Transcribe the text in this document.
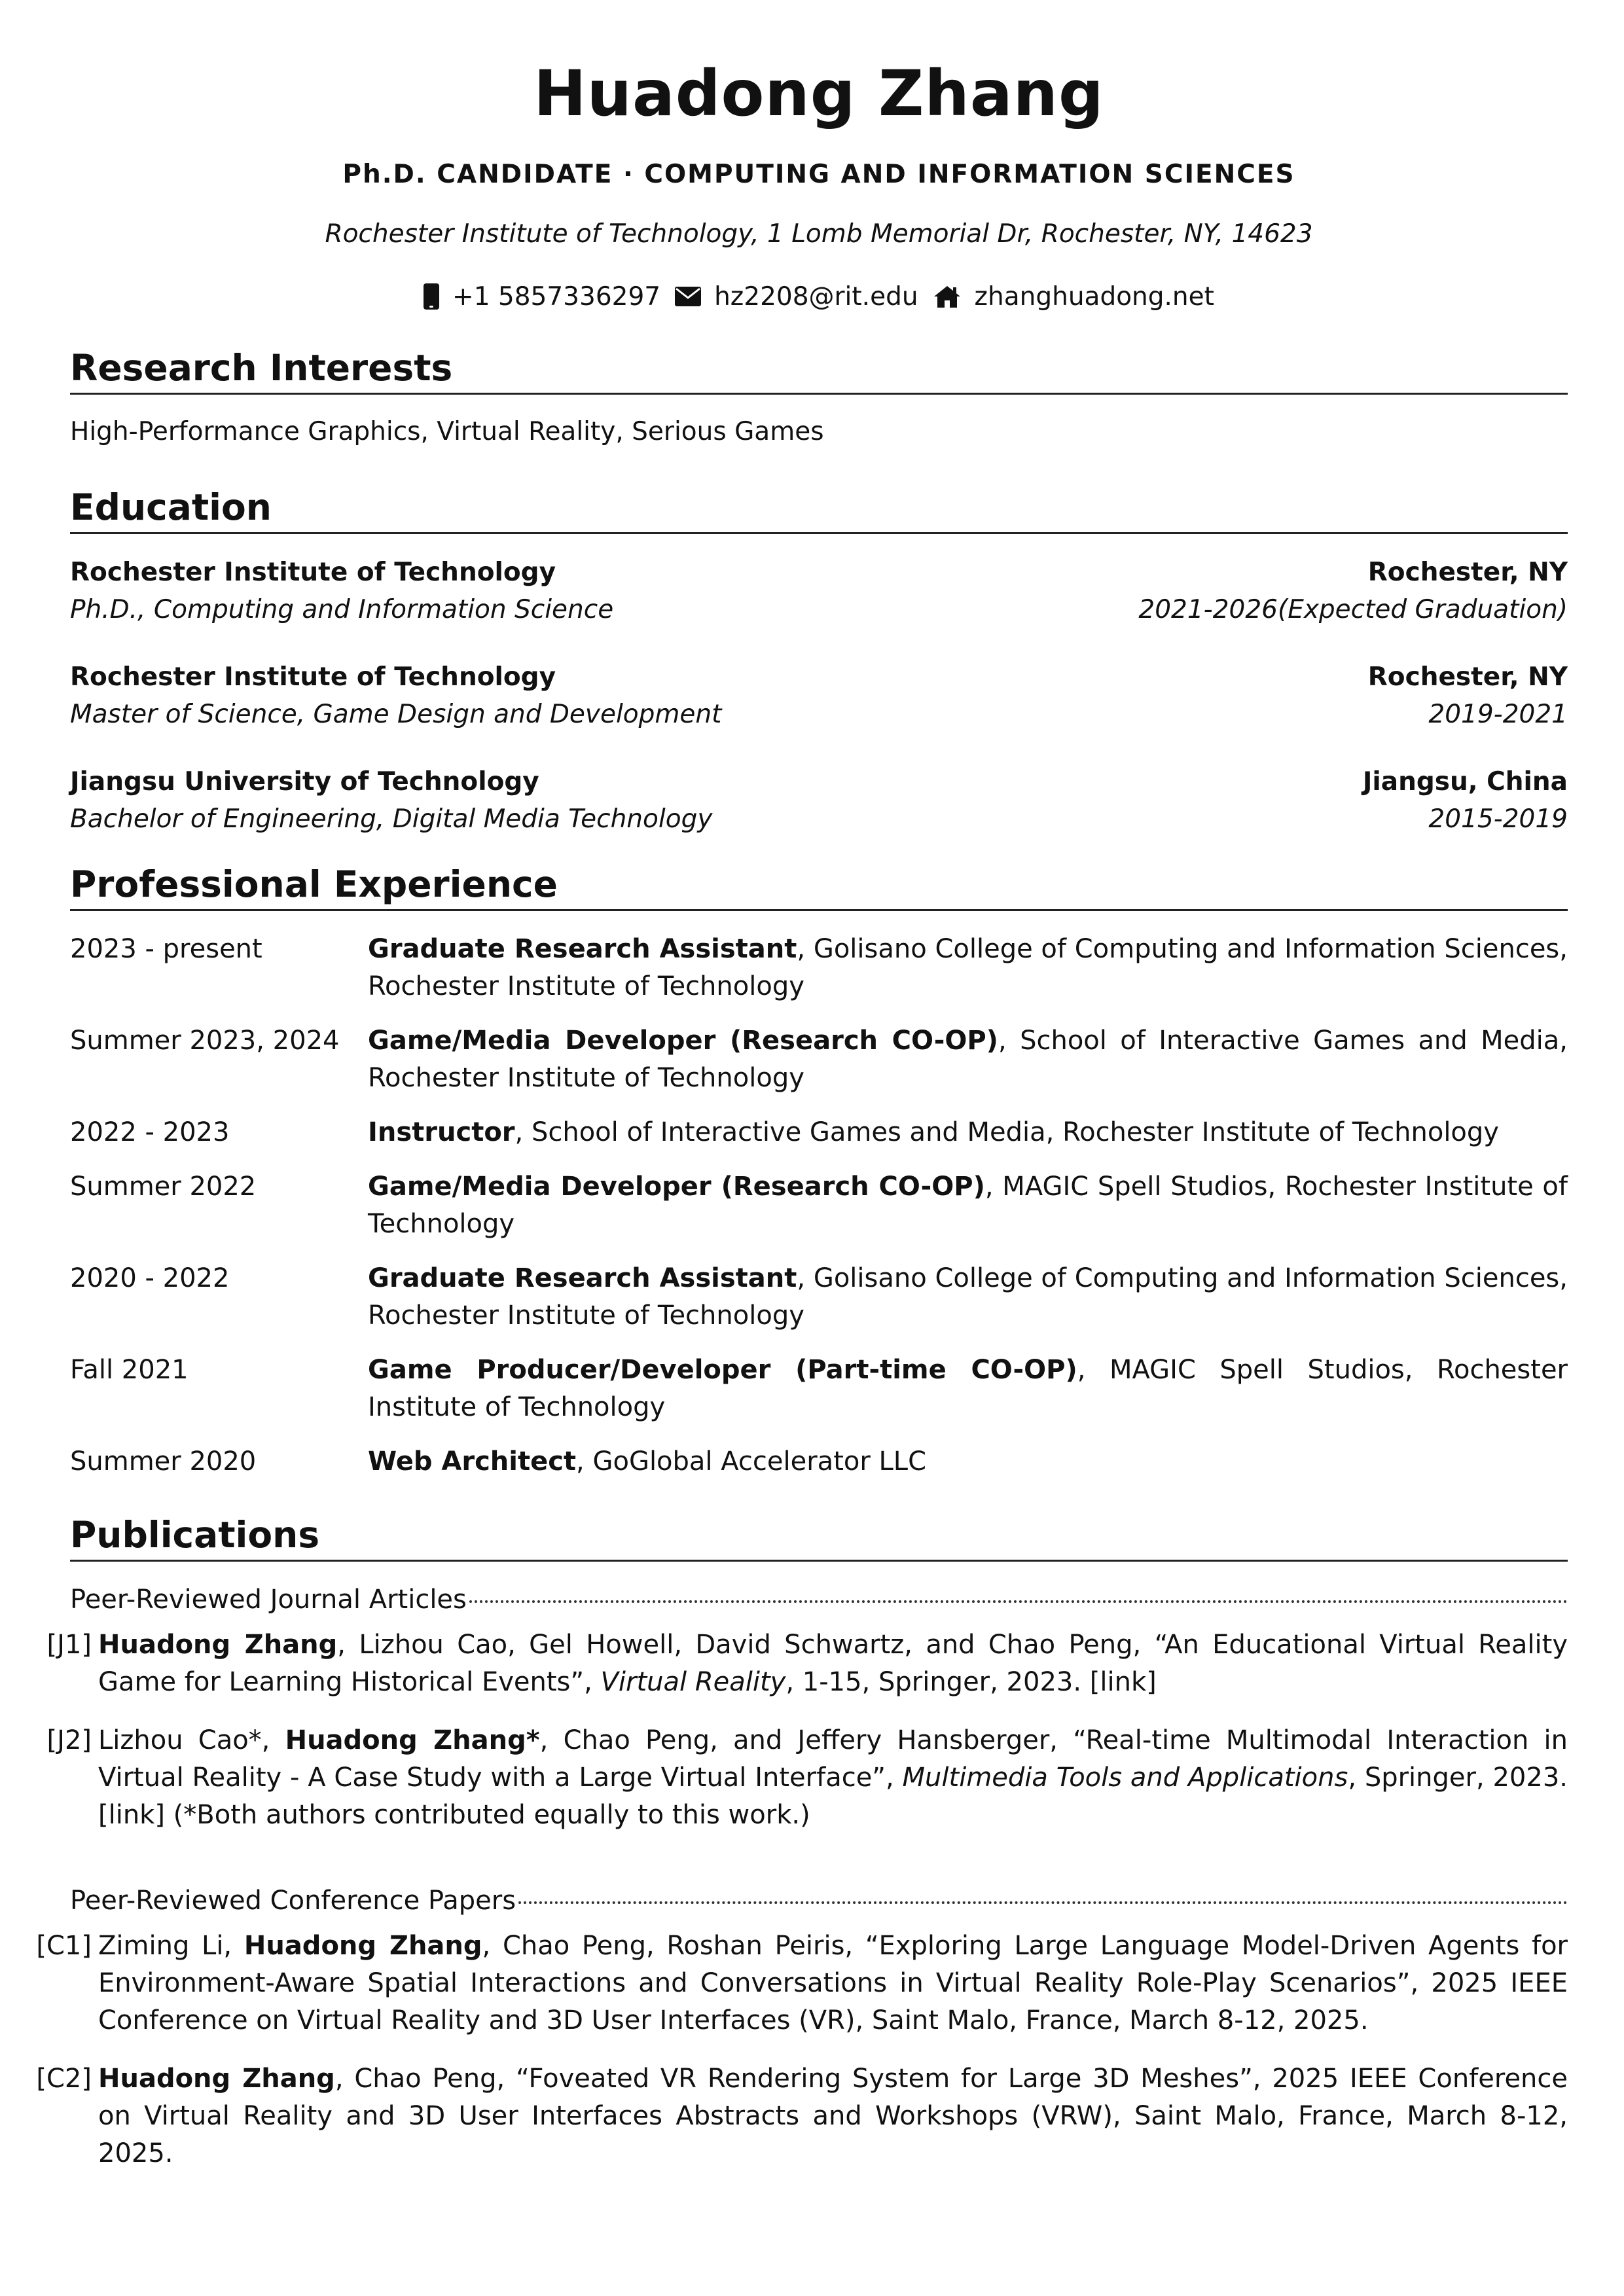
Huadong Zhang
Ph.D. CANDIDATE · COMPUTING AND INFORMATION SCIENCES
Rochester Institute of Technology, 1 Lomb Memorial Dr, Rochester, NY, 14623
+1 5857336297 hz2208@rit.edu zhanghuadong.net
Research Interests
High-Performance Graphics, Virtual Reality, Serious Games
Education
Rochester Institute of Technology	Rochester, NY
Ph.D., Computing and Information Science	2021-2026(Expected Graduation)
Rochester Institute of Technology	Rochester, NY
Master of Science, Game Design and Development	2019-2021
Jiangsu University of Technology	Jiangsu, China
Bachelor of Engineering, Digital Media Technology	2015-2019
Professional Experience
2023 - present	Graduate Research Assistant, Golisano College of Computing and Information Sciences, Rochester Institute of Technology
Summer 2023, 2024	Game/Media Developer (Research CO-OP), School of Interactive Games and Media, Rochester Institute of Technology
2022 - 2023	Instructor, School of Interactive Games and Media, Rochester Institute of Technology
Summer 2022	Game/Media Developer (Research CO-OP), MAGIC Spell Studios, Rochester Institute of Technology
2020 - 2022	Graduate Research Assistant, Golisano College of Computing and Information Sciences, Rochester Institute of Technology
Fall 2021	Game Producer/Developer (Part-time CO-OP), MAGIC Spell Studios, Rochester Institute of Technology
Summer 2020	Web Architect, GoGlobal Accelerator LLC
Publications
Peer-Reviewed Journal Articles
[J1] Huadong Zhang, Lizhou Cao, Gel Howell, David Schwartz, and Chao Peng, “An Educational Virtual Reality Game for Learning Historical Events”, Virtual Reality, 1-15, Springer, 2023. [link]
[J2] Lizhou Cao*, Huadong Zhang*, Chao Peng, and Jeffery Hansberger, “Real-time Multimodal Interaction in Virtual Reality - A Case Study with a Large Virtual Interface”, Multimedia Tools and Applications, Springer, 2023. [link] (*Both authors contributed equally to this work.)
Peer-Reviewed Conference Papers
[C1] Ziming Li, Huadong Zhang, Chao Peng, Roshan Peiris, “Exploring Large Language Model-Driven Agents for Environment-Aware Spatial Interactions and Conversations in Virtual Reality Role-Play Scenarios”, 2025 IEEE Conference on Virtual Reality and 3D User Interfaces (VR), Saint Malo, France, March 8-12, 2025.
[C2] Huadong Zhang, Chao Peng, “Foveated VR Rendering System for Large 3D Meshes”, 2025 IEEE Conference on Virtual Reality and 3D User Interfaces Abstracts and Workshops (VRW), Saint Malo, France, March 8-12, 2025.
